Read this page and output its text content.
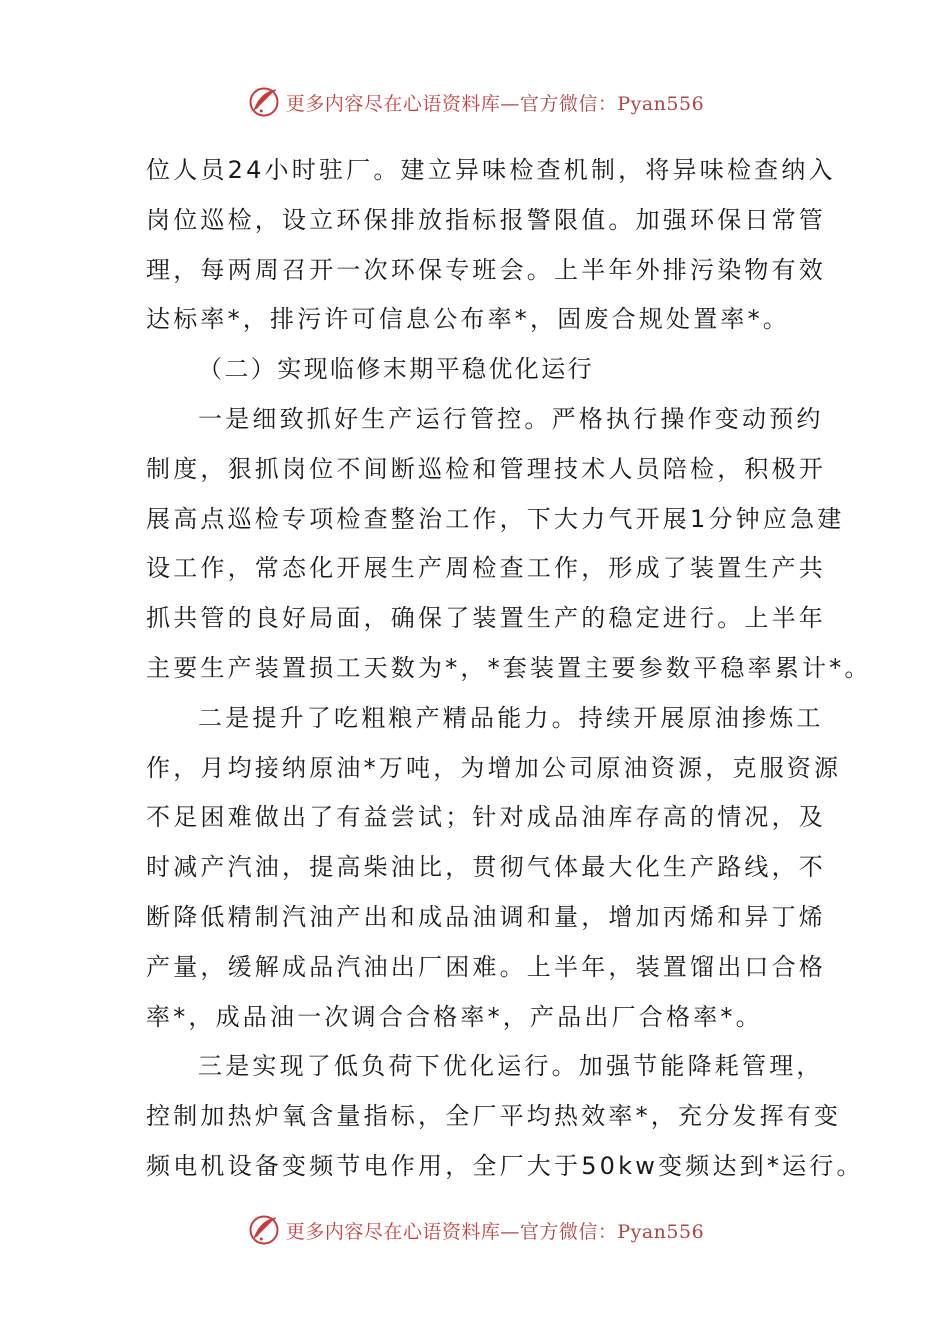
更多内容尽在心语资料库—官方微信：Pyan556
位人员24小时驻厂。建立异味检查机制，将异味检查纳入
岗位巡检，设立环保排放指标报警限值。加强环保日常管
理，每两周召开一次环保专班会。上半年外排污染物有效
达标率*，排污许可信息公布率*，固废合规处置率*。
（二）实现临修末期平稳优化运行
一是细致抓好生产运行管控。严格执行操作变动预约
制度，狠抓岗位不间断巡检和管理技术人员陪检，积极开
展高点巡检专项检查整治工作，下大力气开展1分钟应急建
设工作，常态化开展生产周检查工作，形成了装置生产共
抓共管的良好局面，确保了装置生产的稳定进行。上半年
主要生产装置损工天数为*，*套装置主要参数平稳率累计*。
二是提升了吃粗粮产精品能力。持续开展原油掺炼工
作，月均接纳原油*万吨，为增加公司原油资源，克服资源
不足困难做出了有益尝试；针对成品油库存高的情况，及
时减产汽油，提高柴油比，贯彻气体最大化生产路线，不
断降低精制汽油产出和成品油调和量，增加丙烯和异丁烯
产量，缓解成品汽油出厂困难。上半年，装置馏出口合格
率*，成品油一次调合合格率*，产品出厂合格率*。
三是实现了低负荷下优化运行。加强节能降耗管理，
控制加热炉氧含量指标，全厂平均热效率*，充分发挥有变
频电机设备变频节电作用，全厂大于50kw变频达到*运行。
更多内容尽在心语资料库—官方微信：Pyan556
